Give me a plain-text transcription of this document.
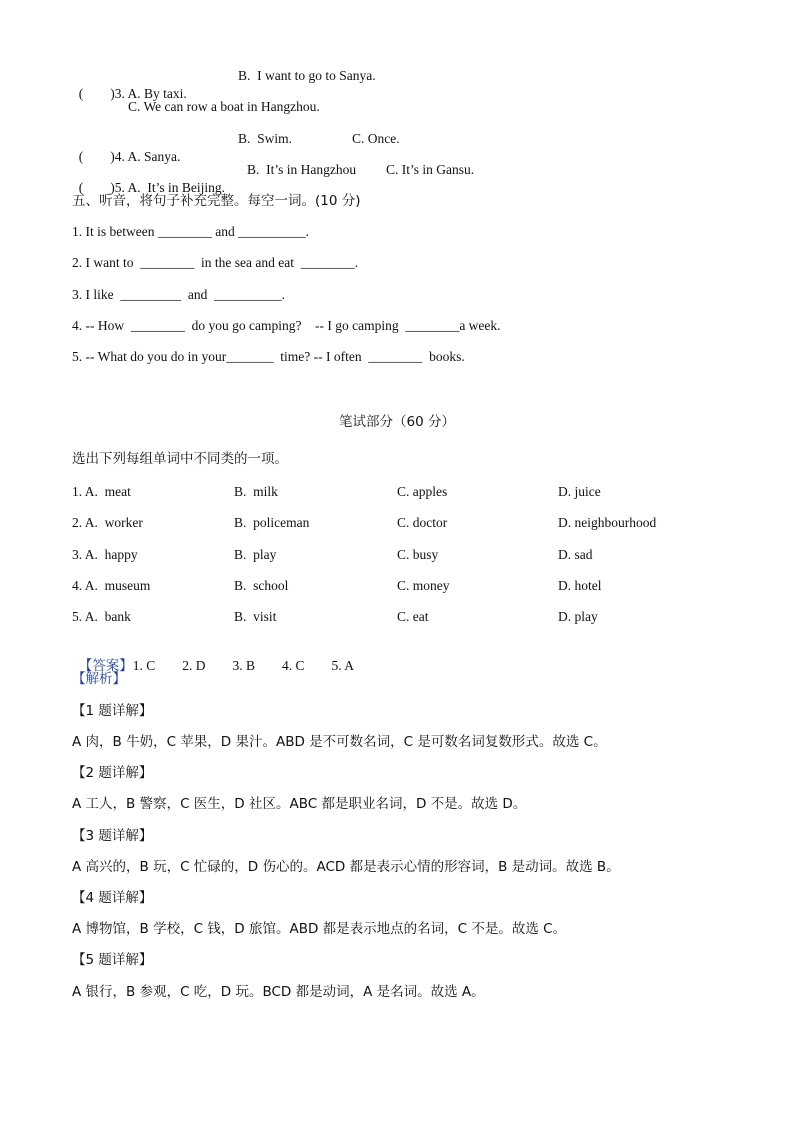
(        )3. A. By taxi.

B.  I want to go to Sanya.
C. We can row a boat in Hangzhou.

(        )4. A. Sanya.

B.  Swim.	C. Once.

(        )5. A.  It’s in Beijing.

B.  It’s in Hangzhou C. It’s in Gansu.
五、听音，将句子补充完整。每空一词。(10 分)
1. It is between ________ and __________.
2. I want to  ________  in the sea and eat  ________.
3. I like  _________  and  __________.
4. -- How  ________  do you go camping?    -- I go camping  ________a week.
5. -- What do you do in your_______  time? -- I often  ________  books.
笔试部分（60 分）
选出下列每组单词中不同类的一项。
1. A.  meat	B.  milk	C. apples	D. juice
2. A.  worker	B.  policeman	C. doctor	D. neighbourhood
3. A.  happy	B.  play	C. busy	D. sad
4. A.  museum	B.  school	C. money	D. hotel
5. A.  bank	B.  visit	C. eat	D. play

【答案】1. C        2. D        3. B        4. C        5. A

【解析】
【1 题详解】
A 肉，B 牛奶，C 苹果，D 果汁。ABD 是不可数名词，C 是可数名词复数形式。故选 C。
【2 题详解】
A 工人，B 警察，C 医生，D 社区。ABC 都是职业名词，D 不是。故选 D。
【3 题详解】
A 高兴的，B 玩，C 忙碌的，D 伤心的。ACD 都是表示心情的形容词，B 是动词。故选 B。
【4 题详解】
A 博物馆，B 学校，C 钱，D 旅馆。ABD 都是表示地点的名词，C 不是。故选 C。
【5 题详解】
A 银行，B 参观，C 吃，D 玩。BCD 都是动词，A 是名词。故选 A。
